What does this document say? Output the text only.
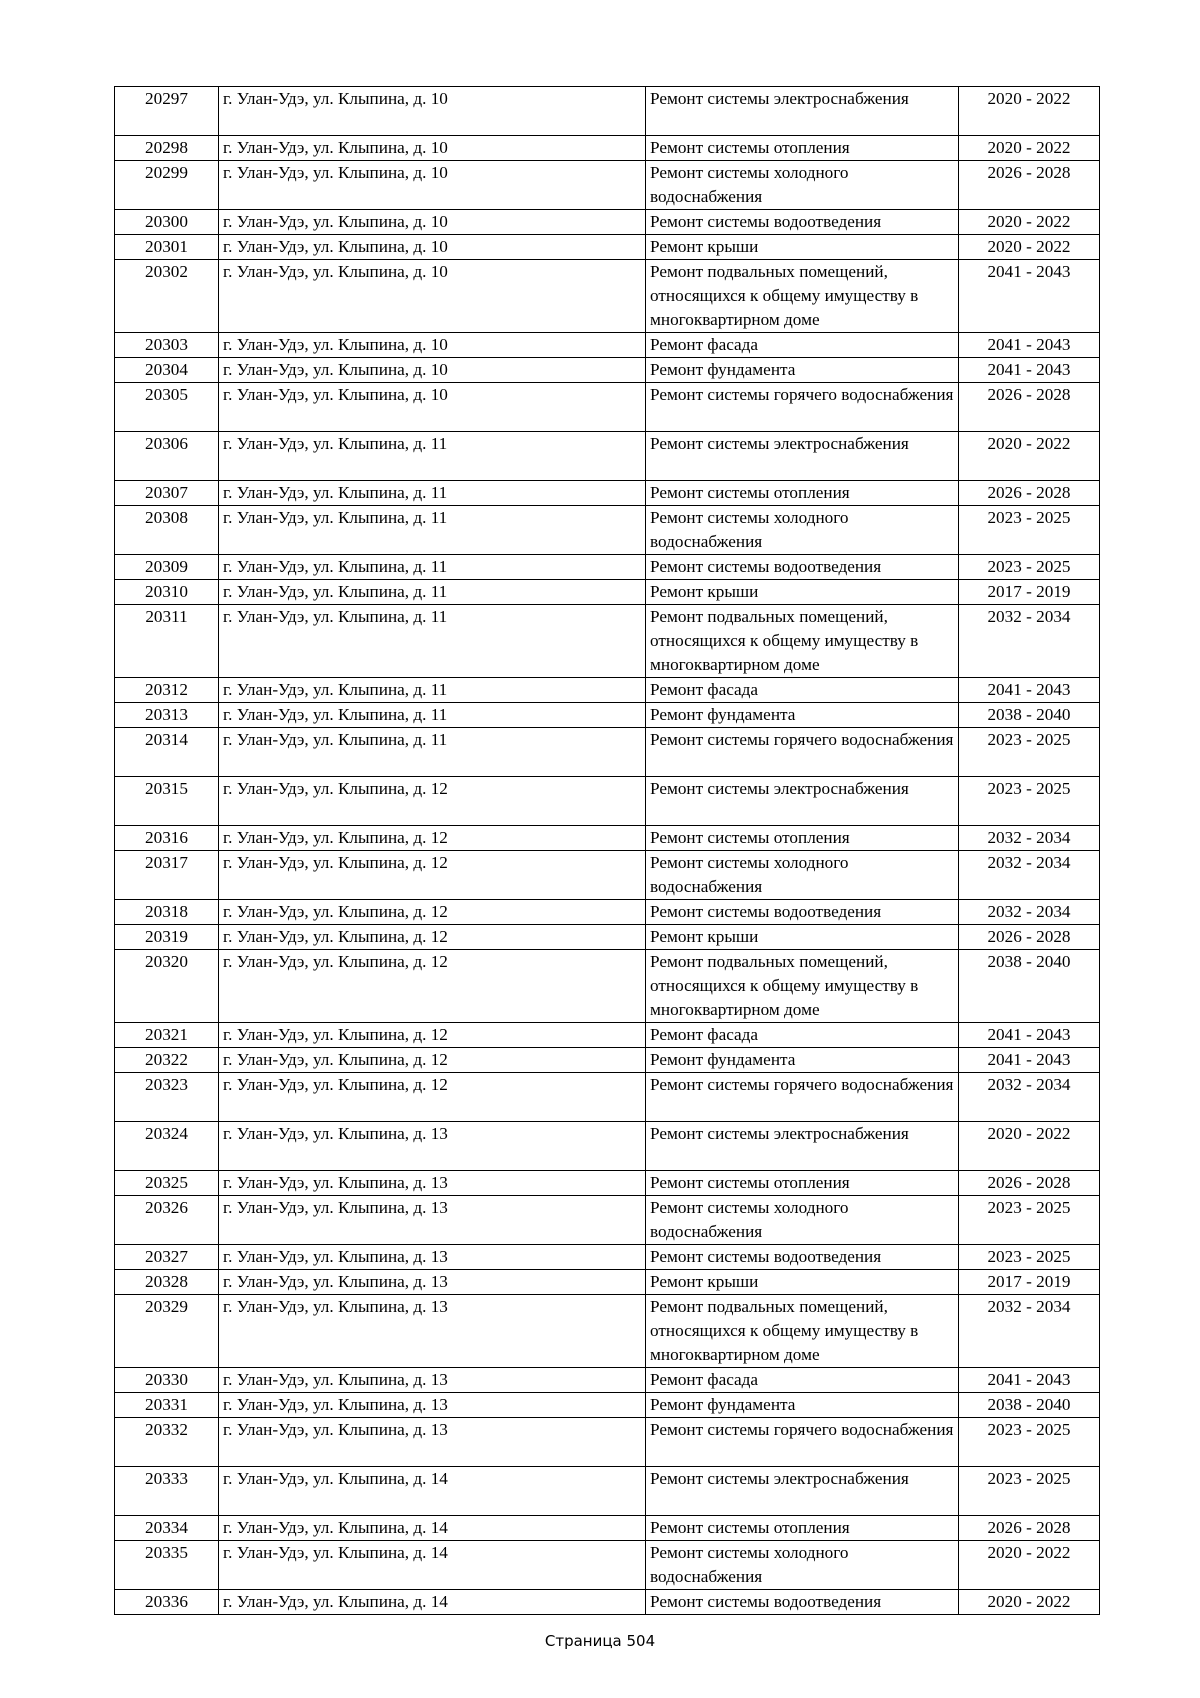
20297	г. Улан-Удэ, ул. Клыпина, д. 10	Ремонт системы электроснабжения	2020 - 2022
20298	г. Улан-Удэ, ул. Клыпина, д. 10	Ремонт системы отопления	2020 - 2022
20299	г. Улан-Удэ, ул. Клыпина, д. 10	Ремонт системы холодного водоснабжения	2026 - 2028
20300	г. Улан-Удэ, ул. Клыпина, д. 10	Ремонт системы водоотведения	2020 - 2022
20301	г. Улан-Удэ, ул. Клыпина, д. 10	Ремонт крыши	2020 - 2022
20302	г. Улан-Удэ, ул. Клыпина, д. 10	Ремонт подвальных помещений, относящихся к общему имуществу в многоквартирном доме	2041 - 2043
20303	г. Улан-Удэ, ул. Клыпина, д. 10	Ремонт фасада	2041 - 2043
20304	г. Улан-Удэ, ул. Клыпина, д. 10	Ремонт фундамента	2041 - 2043
20305	г. Улан-Удэ, ул. Клыпина, д. 10	Ремонт системы горячего водоснабжения	2026 - 2028
20306	г. Улан-Удэ, ул. Клыпина, д. 11	Ремонт системы электроснабжения	2020 - 2022
20307	г. Улан-Удэ, ул. Клыпина, д. 11	Ремонт системы отопления	2026 - 2028
20308	г. Улан-Удэ, ул. Клыпина, д. 11	Ремонт системы холодного водоснабжения	2023 - 2025
20309	г. Улан-Удэ, ул. Клыпина, д. 11	Ремонт системы водоотведения	2023 - 2025
20310	г. Улан-Удэ, ул. Клыпина, д. 11	Ремонт крыши	2017 - 2019
20311	г. Улан-Удэ, ул. Клыпина, д. 11	Ремонт подвальных помещений, относящихся к общему имуществу в многоквартирном доме	2032 - 2034
20312	г. Улан-Удэ, ул. Клыпина, д. 11	Ремонт фасада	2041 - 2043
20313	г. Улан-Удэ, ул. Клыпина, д. 11	Ремонт фундамента	2038 - 2040
20314	г. Улан-Удэ, ул. Клыпина, д. 11	Ремонт системы горячего водоснабжения	2023 - 2025
20315	г. Улан-Удэ, ул. Клыпина, д. 12	Ремонт системы электроснабжения	2023 - 2025
20316	г. Улан-Удэ, ул. Клыпина, д. 12	Ремонт системы отопления	2032 - 2034
20317	г. Улан-Удэ, ул. Клыпина, д. 12	Ремонт системы холодного водоснабжения	2032 - 2034
20318	г. Улан-Удэ, ул. Клыпина, д. 12	Ремонт системы водоотведения	2032 - 2034
20319	г. Улан-Удэ, ул. Клыпина, д. 12	Ремонт крыши	2026 - 2028
20320	г. Улан-Удэ, ул. Клыпина, д. 12	Ремонт подвальных помещений, относящихся к общему имуществу в многоквартирном доме	2038 - 2040
20321	г. Улан-Удэ, ул. Клыпина, д. 12	Ремонт фасада	2041 - 2043
20322	г. Улан-Удэ, ул. Клыпина, д. 12	Ремонт фундамента	2041 - 2043
20323	г. Улан-Удэ, ул. Клыпина, д. 12	Ремонт системы горячего водоснабжения	2032 - 2034
20324	г. Улан-Удэ, ул. Клыпина, д. 13	Ремонт системы электроснабжения	2020 - 2022
20325	г. Улан-Удэ, ул. Клыпина, д. 13	Ремонт системы отопления	2026 - 2028
20326	г. Улан-Удэ, ул. Клыпина, д. 13	Ремонт системы холодного водоснабжения	2023 - 2025
20327	г. Улан-Удэ, ул. Клыпина, д. 13	Ремонт системы водоотведения	2023 - 2025
20328	г. Улан-Удэ, ул. Клыпина, д. 13	Ремонт крыши	2017 - 2019
20329	г. Улан-Удэ, ул. Клыпина, д. 13	Ремонт подвальных помещений, относящихся к общему имуществу в многоквартирном доме	2032 - 2034
20330	г. Улан-Удэ, ул. Клыпина, д. 13	Ремонт фасада	2041 - 2043
20331	г. Улан-Удэ, ул. Клыпина, д. 13	Ремонт фундамента	2038 - 2040
20332	г. Улан-Удэ, ул. Клыпина, д. 13	Ремонт системы горячего водоснабжения	2023 - 2025
20333	г. Улан-Удэ, ул. Клыпина, д. 14	Ремонт системы электроснабжения	2023 - 2025
20334	г. Улан-Удэ, ул. Клыпина, д. 14	Ремонт системы отопления	2026 - 2028
20335	г. Улан-Удэ, ул. Клыпина, д. 14	Ремонт системы холодного водоснабжения	2020 - 2022
20336	г. Улан-Удэ, ул. Клыпина, д. 14	Ремонт системы водоотведения	2020 - 2022
Страница 504
